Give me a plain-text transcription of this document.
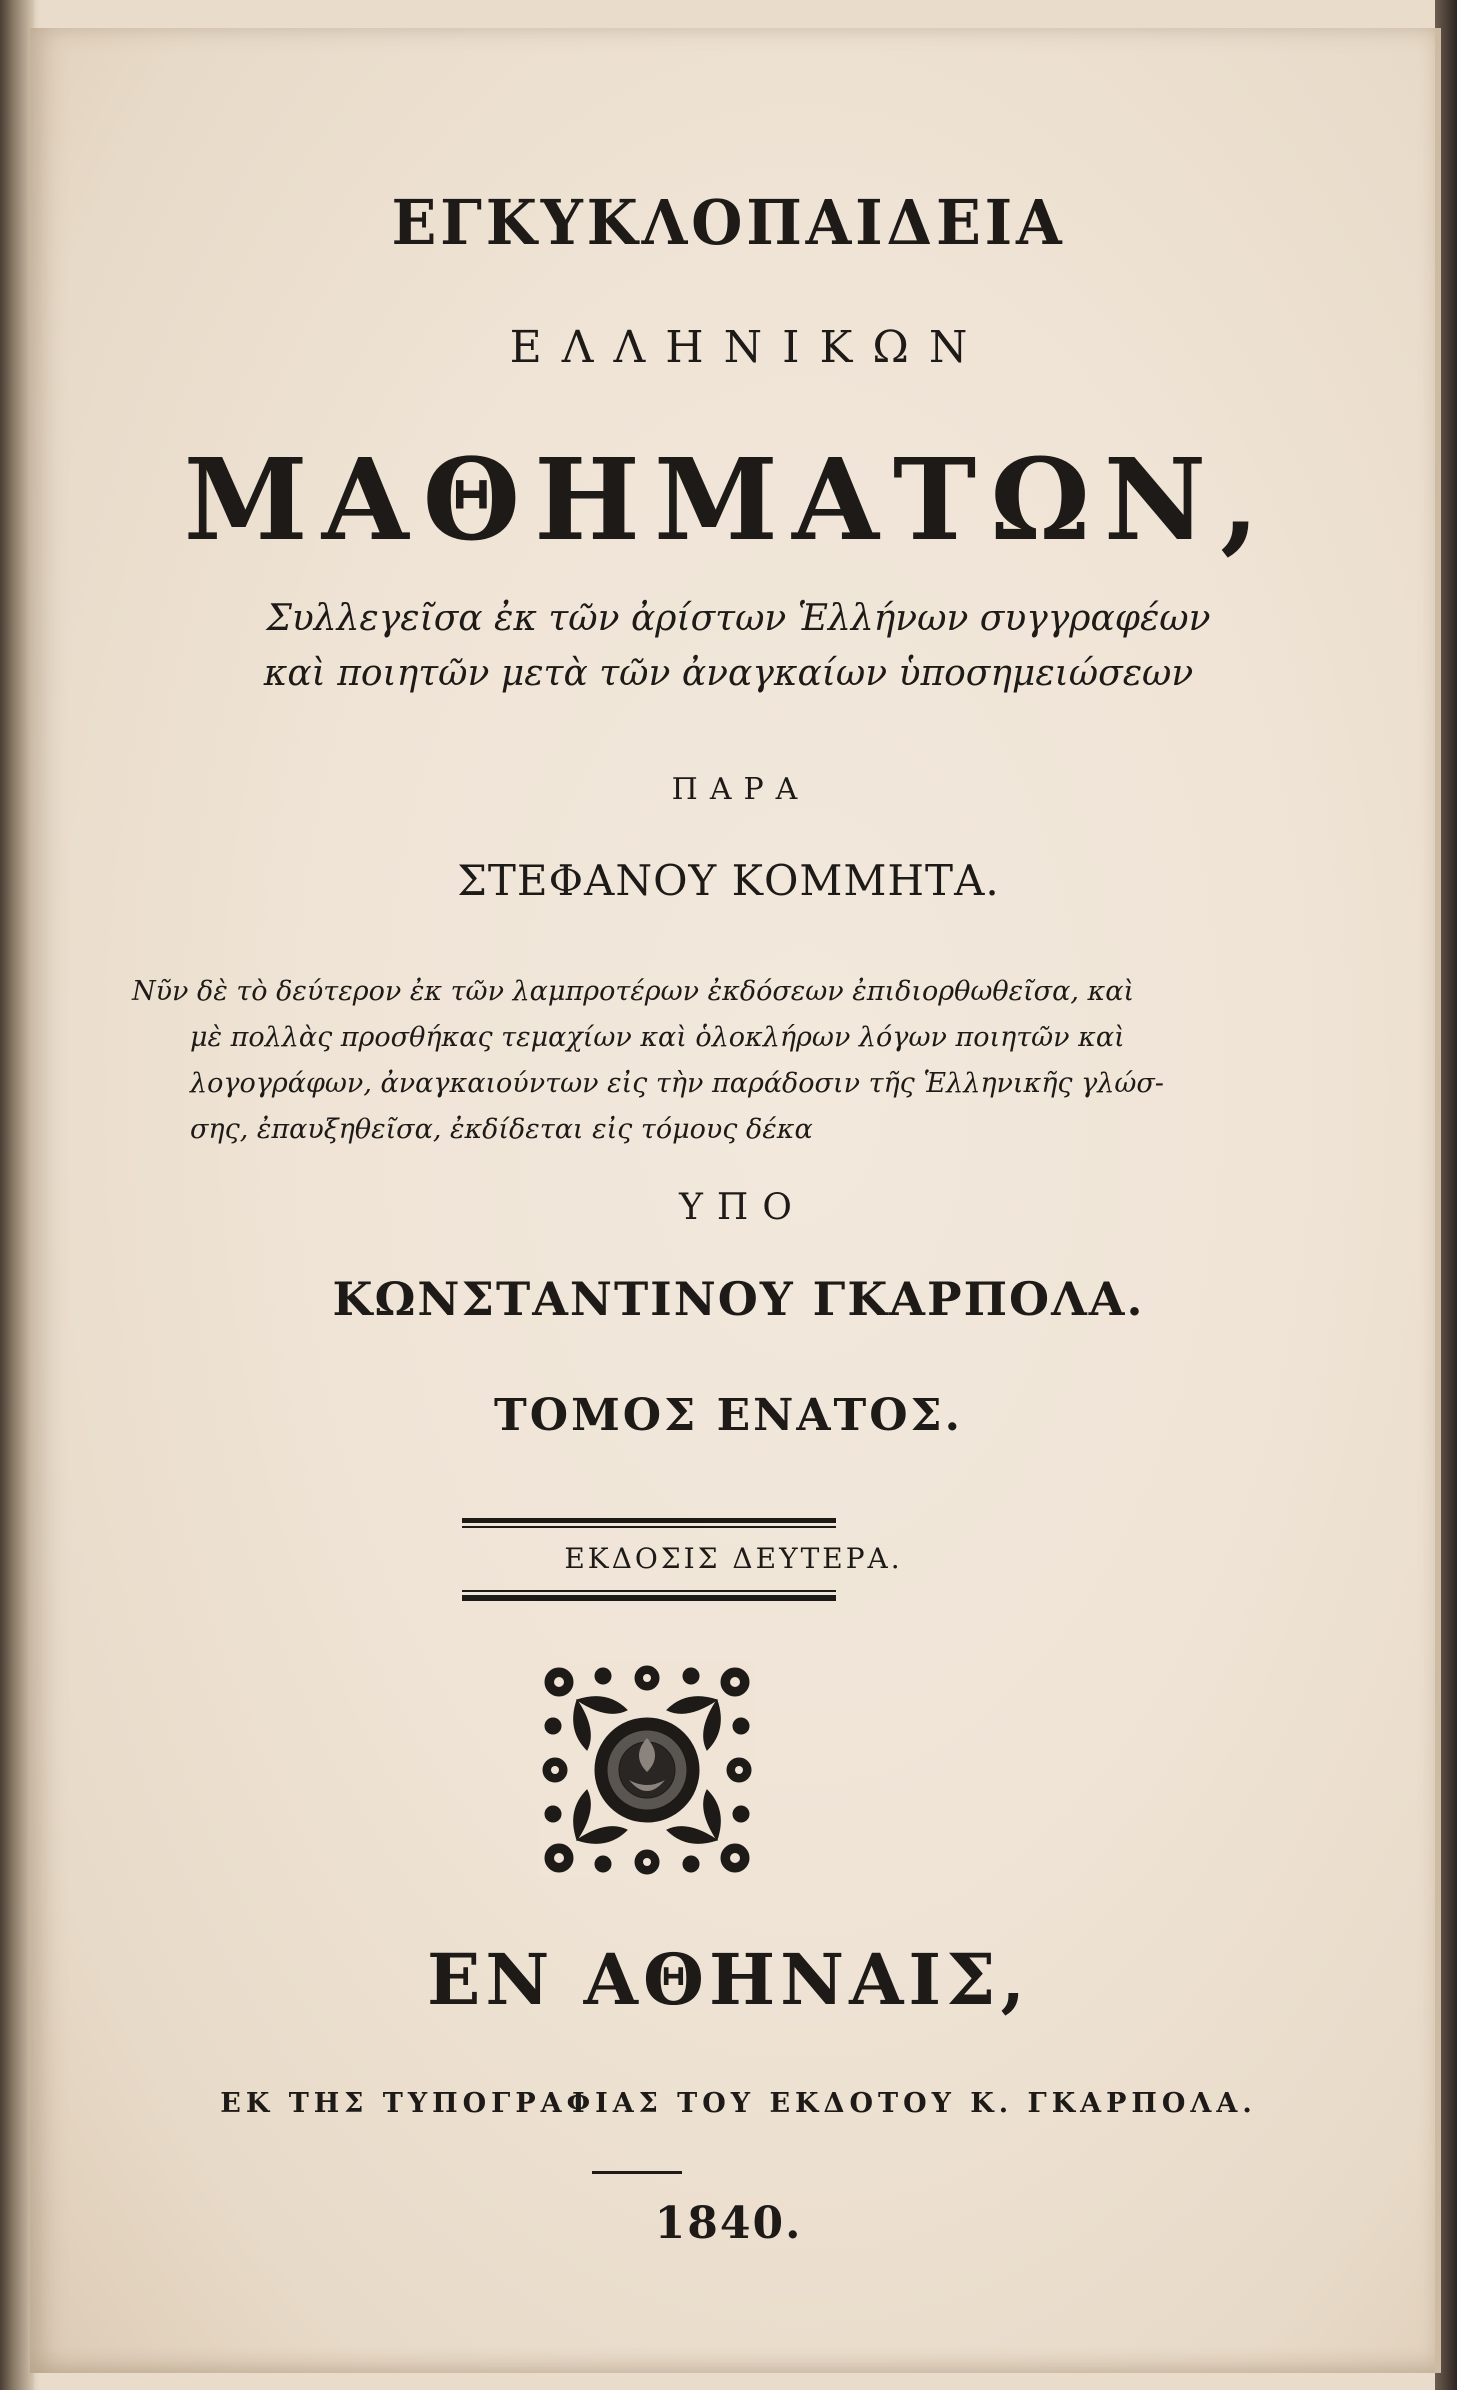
ΕΓΚΥΚΛΟΠΑΙΔΕΙΑ
ΕΛΛΗΝΙΚΩΝ
ΜΑΘΗΜΑΤΩΝ,
Συλλεγεῖσα ἐκ τῶν ἀρίστων Ἑλλήνων συγγραφέων
καὶ ποιητῶν μετὰ τῶν ἀναγκαίων ὑποσημειώσεων
ΠΑΡΑ
ΣΤΕΦΑΝΟΥ ΚΟΜΜΗΤΑ.
Νῦν δὲ τὸ δεύτερον ἐκ τῶν λαμπροτέρων ἐκδόσεων ἐπιδιορθωθεῖσα, καὶ
μὲ πολλὰς προσθήκας τεμαχίων καὶ ὁλοκλήρων λόγων ποιητῶν καὶ
λογογράφων, ἀναγκαιούντων εἰς τὴν παράδοσιν τῆς Ἑλληνικῆς γλώσ-
σης, ἐπαυξηθεῖσα, ἐκδίδεται εἰς τόμους δέκα
ΥΠΟ
ΚΩΝΣΤΑΝΤΙΝΟΥ ΓΚΑΡΠΟΛΑ.
ΤΟΜΟΣ ΕΝΑΤΟΣ.
ΕΚΔΟΣΙΣ ΔΕΥΤΕΡΑ.
ΕΝ ΑΘΗΝΑΙΣ,
ΕΚ ΤΗΣ ΤΥΠΟΓΡΑΦΙΑΣ ΤΟΥ ΕΚΔΟΤΟΥ Κ. ΓΚΑΡΠΟΛΑ.
1840.
